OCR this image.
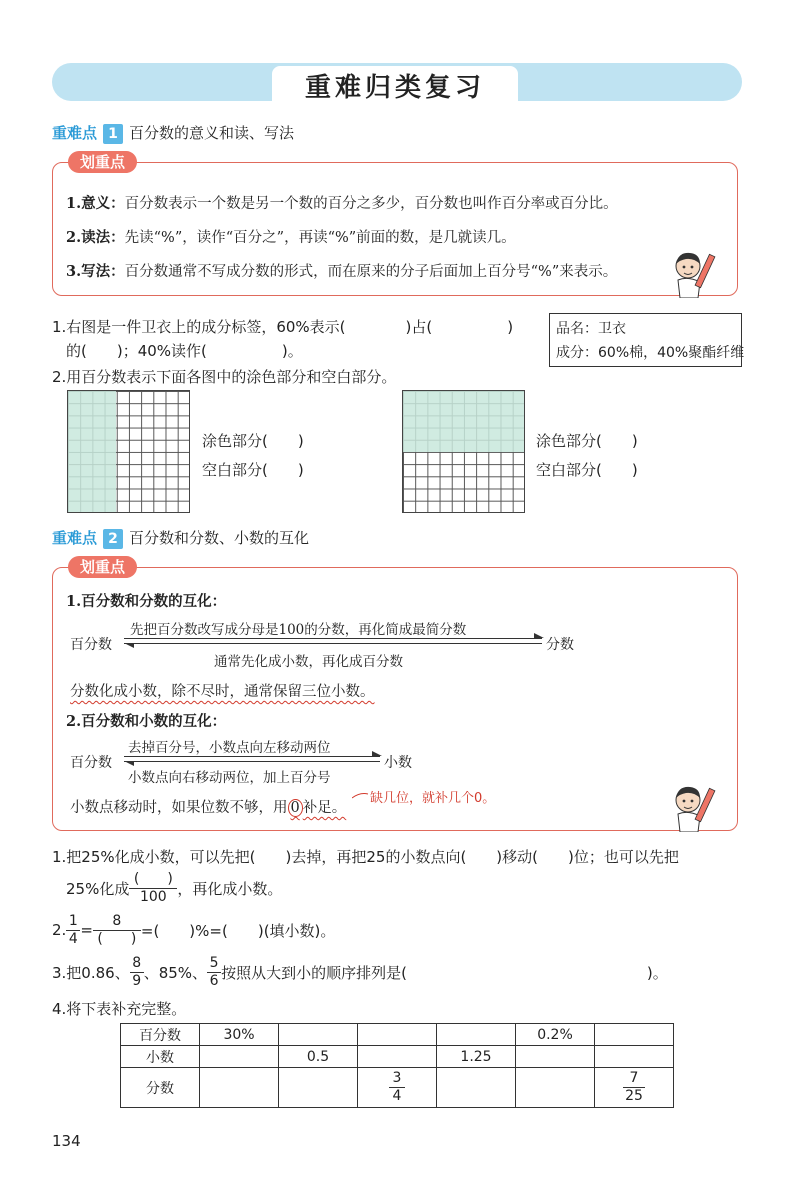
重难归类复习
重难点 1 百分数的意义和读、写法
划重点
1.意义：百分数表示一个数是另一个数的百分之多少，百分数也叫作百分率或百分比。
2.读法：先读“%”，读作“百分之”，再读“%”前面的数，是几就读几。
3.写法：百分数通常不写成分数的形式，而在原来的分子后面加上百分号“%”来表示。
1.右图是一件卫衣上的成分标签，60%表示(　　　　)占(　　　　　)
的(　　)；40%读作(　　　　　)。
品名：卫衣
成分：60%棉，40%聚酯纤维
2.用百分数表示下面各图中的涂色部分和空白部分。
涂色部分(　　)
空白部分(　　)
涂色部分(　　)
空白部分(　　)
重难点 2 百分数和分数、小数的互化
划重点
1.百分数和分数的互化：
百分数
先把百分数改写成分母是100的分数，再化简成最简分数
分数
通常先化成小数，再化成百分数
分数化成小数，除不尽时，通常保留三位小数。
2.百分数和小数的互化：
百分数
去掉百分号，小数点向左移动两位
小数
小数点向右移动两位，加上百分号
小数点移动时，如果位数不够，用 0 补足。
缺几位，就补几个0。
1.把25%化成小数，可以先把(　　)去掉，再把25的小数点向(　　)移动(　　)位；也可以先把
25%化成 $\frac{( )}{100}$ ，再化成小数。
2. $\frac{1}{4} = \frac{8}{( )}$ =(　　)%=(　　)(填小数)。
3.把0.86、 $\frac{8}{9}$ 、85%、 $\frac{5}{6}$ 按照从大到小的顺序排列是(　　　　　　　　　　　　　　　　)。
4.将下表补充完整。
百分数	30%				0.2%	
小数		0.5		1.25		
分数			$\frac{3}{4}$			$\frac{7}{25}$
134
